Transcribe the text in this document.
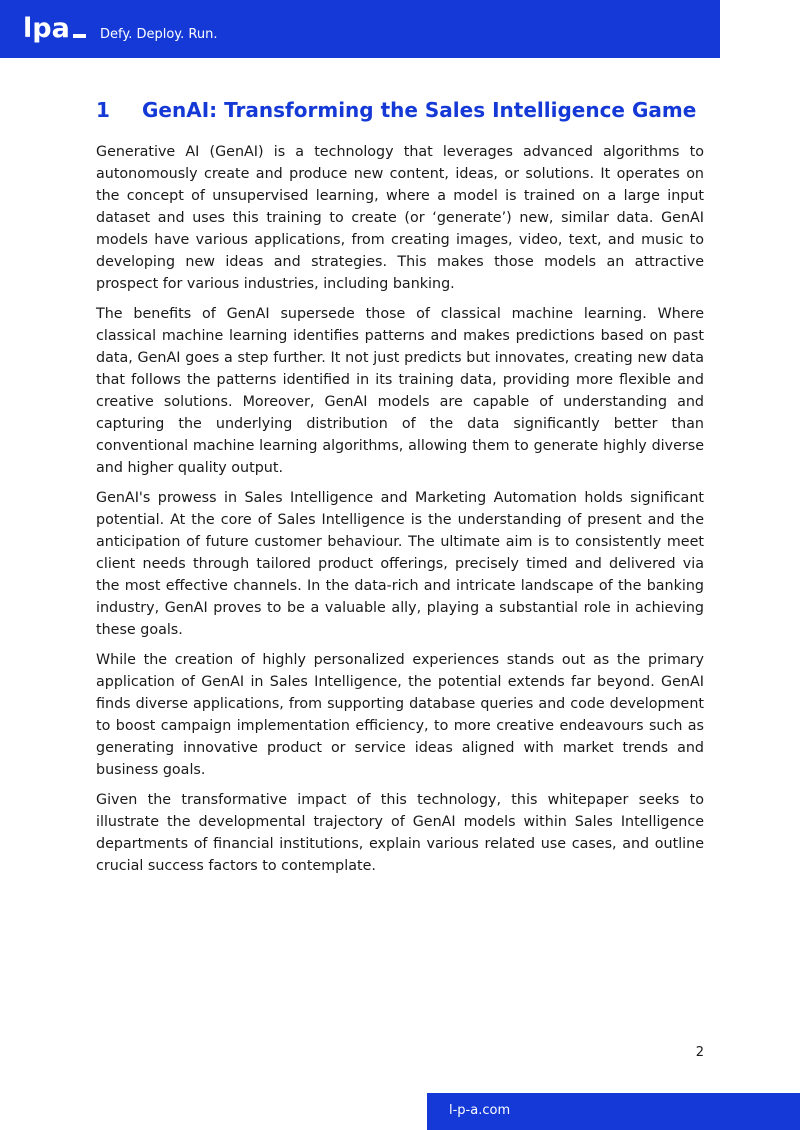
lpa	Defy. Deploy. Run.
1 GenAI: Transforming the Sales Intelligence Game

Generative AI (GenAI) is a technology that leverages advanced algorithms to autonomously create and produce new content, ideas, or solutions. It operates on the concept of unsupervised learning, where a model is trained on a large input dataset and uses this training to create (or ‘generate’) new, similar data. GenAI models have various applications, from creating images, video, text, and music to developing new ideas and strategies. This makes those models an attractive prospect for various industries, including banking.

The benefits of GenAI supersede those of classical machine learning. Where classical machine learning identifies patterns and makes predictions based on past data, GenAI goes a step further. It not just predicts but innovates, creating new data that follows the patterns identified in its training data, providing more flexible and creative solutions. Moreover, GenAI models are capable of understanding and capturing the underlying distribution of the data significantly better than conventional machine learning algorithms, allowing them to generate highly diverse and higher quality output.

GenAI's prowess in Sales Intelligence and Marketing Automation holds significant potential. At the core of Sales Intelligence is the understanding of present and the anticipation of future customer behaviour. The ultimate aim is to consistently meet client needs through tailored product offerings, precisely timed and delivered via the most effective channels. In the data-rich and intricate landscape of the banking industry, GenAI proves to be a valuable ally, playing a substantial role in achieving these goals.

While the creation of highly personalized experiences stands out as the primary application of GenAI in Sales Intelligence, the potential extends far beyond. GenAI finds diverse applications, from supporting database queries and code development to boost campaign implementation efficiency, to more creative endeavours such as generating innovative product or service ideas aligned with market trends and business goals.

Given the transformative impact of this technology, this whitepaper seeks to illustrate the developmental trajectory of GenAI models within Sales Intelligence departments of financial institutions, explain various related use cases, and outline crucial success factors to contemplate.

2
l-p-a.com
